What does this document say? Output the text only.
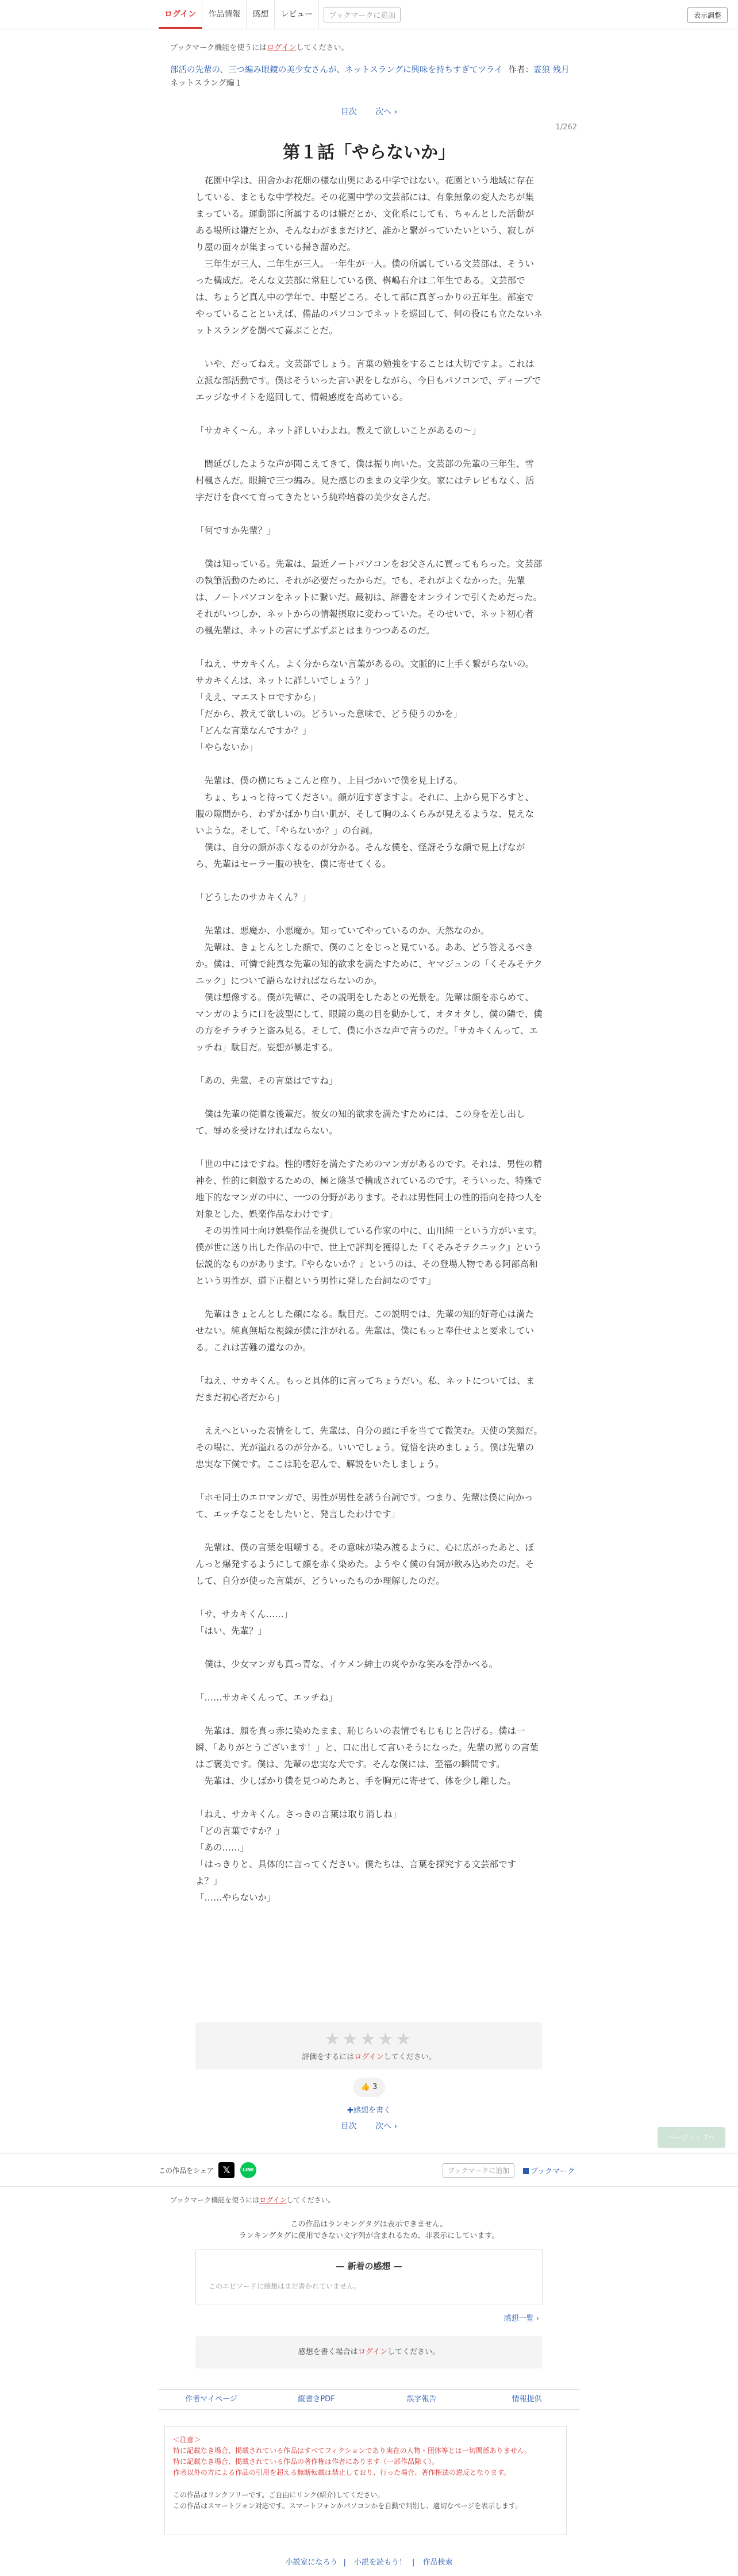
ログイン	作品情報	感想	レビュー	ブックマークに追加	表示調整
ブックマーク機能を使うにはログインしてください。
部活の先輩の、三つ編み眼鏡の美少女さんが、ネットスラングに興味を持ちすぎてツライ 作者：霊狼 残月
ネットスラング編１
目次 次へ ›
1/262
第１話「やらないか」

　花園中学は、田舎かお花畑の様な山奥にある中学ではない。花園という地域に存在している、まともな中学校だ。その花園中学の文芸部には、有象無象の変人たちが集まっている。運動部に所属するのは嫌だとか、文化系にしても、ちゃんとした活動がある場所は嫌だとか、そんなわがままだけど、誰かと繋がっていたいという、寂しがり屋の面々が集まっている掃き溜めだ。
　三年生が三人、二年生が三人。一年生が一人。僕の所属している文芸部は、そういった構成だ。そんな文芸部に常駐している僕、桝嶋右介は二年生である。文芸部では、ちょうど真ん中の学年で、中堅どころ。そして部に真ぎっかりの五年生。部室でやっていることといえば、備品のパソコンでネットを巡回して、何の役にも立たないネットスラングを調べて喜ぶことだ。

　いや、だってねえ。文芸部でしょう。言葉の勉強をすることは大切ですよ。これは立派な部活動です。僕はそういった言い訳をしながら、今日もパソコンで、ディープでエッジなサイトを巡回して、情報感度を高めている。

「サカキく〜ん。ネット詳しいわよね。教えて欲しいことがあるの〜」

　間延びしたような声が聞こえてきて、僕は振り向いた。文芸部の先輩の三年生、雪村楓さんだ。眼鏡で三つ編み。見た感じのままの文学少女。家にはテレビもなく、活字だけを食べて育ってきたという純粋培養の美少女さんだ。

「何ですか先輩？」

　僕は知っている。先輩は、最近ノートパソコンをお父さんに買ってもらった。文芸部の執筆活動のために、それが必要だったからだ。でも、それがよくなかった。先輩は、ノートパソコンをネットに繋いだ。最初は、辞書をオンラインで引くためだった。それがいつしか、ネットからの情報摂取に変わっていた。そのせいで、ネット初心者の楓先輩は、ネットの言にずぶずぶとはまりつつあるのだ。

「ねえ、サカキくん。よく分からない言葉があるの。文脈的に上手く繋がらないの。サカキくんは、ネットに詳しいでしょう？」
「ええ、マエストロですから」
「だから、教えて欲しいの。どういった意味で、どう使うのかを」
「どんな言葉なんですか？」
「やらないか」

　先輩は、僕の横にちょこんと座り、上目づかいで僕を見上げる。
　ちょ、ちょっと待ってください。顔が近すぎますよ。それに、上から見下ろすと、服の隙間から、わずかばかり白い肌が、そして胸のふくらみが見えるような、見えないような。そして、「やらないか？」の台詞。
　僕は、自分の顔が赤くなるのが分かる。そんな僕を、怪訝そうな顔で見上げながら、先輩はセーラー服の袂を、僕に寄せてくる。

「どうしたのサカキくん？」

　先輩は、悪魔か、小悪魔か。知っていてやっているのか、天然なのか。
　先輩は、きょとんとした顔で、僕のことをじっと見ている。ああ、どう答えるべきか。僕は、可憐で純真な先輩の知的欲求を満たすために、ヤマジュンの「くそみそテクニック」について語らなければならないのか。
　僕は想像する。僕が先輩に、その説明をしたあとの光景を。先輩は顔を赤らめて、マンガのように口を波型にして、眼鏡の奥の目を動かして、オタオタし、僕の隣で、僕の方をチラチラと盗み見る。そして、僕に小さな声で言うのだ。「サカキくんって、エッチね」駄目だ。妄想が暴走する。

「あの、先輩、その言葉はですね」

　僕は先輩の従順な後輩だ。彼女の知的欲求を満たすためには、この身を差し出して、辱めを受けなければならない。

「世の中にはですね。性的嗜好を満たすためのマンガがあるのです。それは、男性の精神を、性的に刺激するための、極と陰茎で構成されているのです。そういった、特殊で地下的なマンガの中に、一つの分野があります。それは男性同士の性的指向を持つ人を対象とした、娯楽作品なわけです」
　その男性同士向け娯楽作品を提供している作家の中に、山川純一という方がいます。僕が世に送り出した作品の中で、世上で評判を獲得した『くそみそテクニック』という伝説的なものがあります。『やらないか？』というのは、その登場人物である阿部高和という男性が、道下正樹という男性に発した台詞なのです」

　先輩はきょとんとした顔になる。駄目だ。この説明では、先輩の知的好奇心は満たせない。純真無垢な視線が僕に注がれる。先輩は、僕にもっと奉仕せよと要求している。これは苦難の道なのか。

「ねえ、サカキくん。もっと具体的に言ってちょうだい。私、ネットについては、まだまだ初心者だから」

　ええへといった表情をして、先輩は、自分の頭に手を当てて微笑む。天使の笑顔だ。その場に、光が溢れるのが分かる。いいでしょう。覚悟を決めましょう。僕は先輩の忠実な下僕です。ここは恥を忍んで、解説をいたしましょう。

「ホモ同士のエロマンガで、男性が男性を誘う台詞です。つまり、先輩は僕に向かって、エッチなことをしたいと、発言したわけです」

　先輩は、僕の言葉を咀嚼する。その意味が染み渡るように、心に広がったあと、ぼんっと爆発するようにして顔を赤く染めた。ようやく僕の台詞が飲み込めたのだ。そして、自分が使った言葉が、どういったものか理解したのだ。

「サ、サカキくん……」
「はい、先輩？」

　僕は、少女マンガも真っ青な、イケメン紳士の爽やかな笑みを浮かべる。

「……サカキくんって、エッチね」

　先輩は、顔を真っ赤に染めたまま、恥じらいの表情でもじもじと告げる。僕は一瞬、「ありがとうございます！」と、口に出して言いそうになった。先輩の罵りの言葉はご褒美です。僕は、先輩の忠実な犬です。そんな僕には、至福の瞬間です。
　先輩は、少しばかり僕を見つめたあと、手を胸元に寄せて、体を少し離した。

「ねえ、サカキくん。さっきの言葉は取り消しね」
「どの言葉ですか？」
「あの……」
「はっきりと、具体的に言ってください。僕たちは、言葉を探究する文芸部ですよ？」
「……やらないか」

★★★★★
評価をするにはログインしてください。
👍 3
✚感想を書く
目次 次へ ›
ページトップへ
この作品をシェア 𝕏	LINE	ブックマークに追加	ブックマーク
ブックマーク機能を使うにはログインしてください。
この作品はランキングタグは表示できません。
ランキングタグに使用できない文字列が含まれるため、非表示にしています。
— 新着の感想 —
このエピソードに感想はまだ書かれていません。
感想一覧 ›
感想を書く場合はログインしてください。
作者マイページ	縦書きPDF	誤字報告	情報提供
＜注意＞
特に記載なき場合、掲載されている作品はすべてフィクションであり実在の人物・団体等とは一切関係ありません。
特に記載なき場合、掲載されている作品の著作権は作者にあります（一部作品除く）。
作者以外の方による作品の引用を超える無断転載は禁止しており、行った場合、著作権法の違反となります。
この作品はリンクフリーです。ご自由にリンク(紹介)してください。
この作品はスマートフォン対応です。スマートフォンかパソコンかを自動で判別し、適切なページを表示します。
小説家になろう | 小説を読もう！ | 作品検索
